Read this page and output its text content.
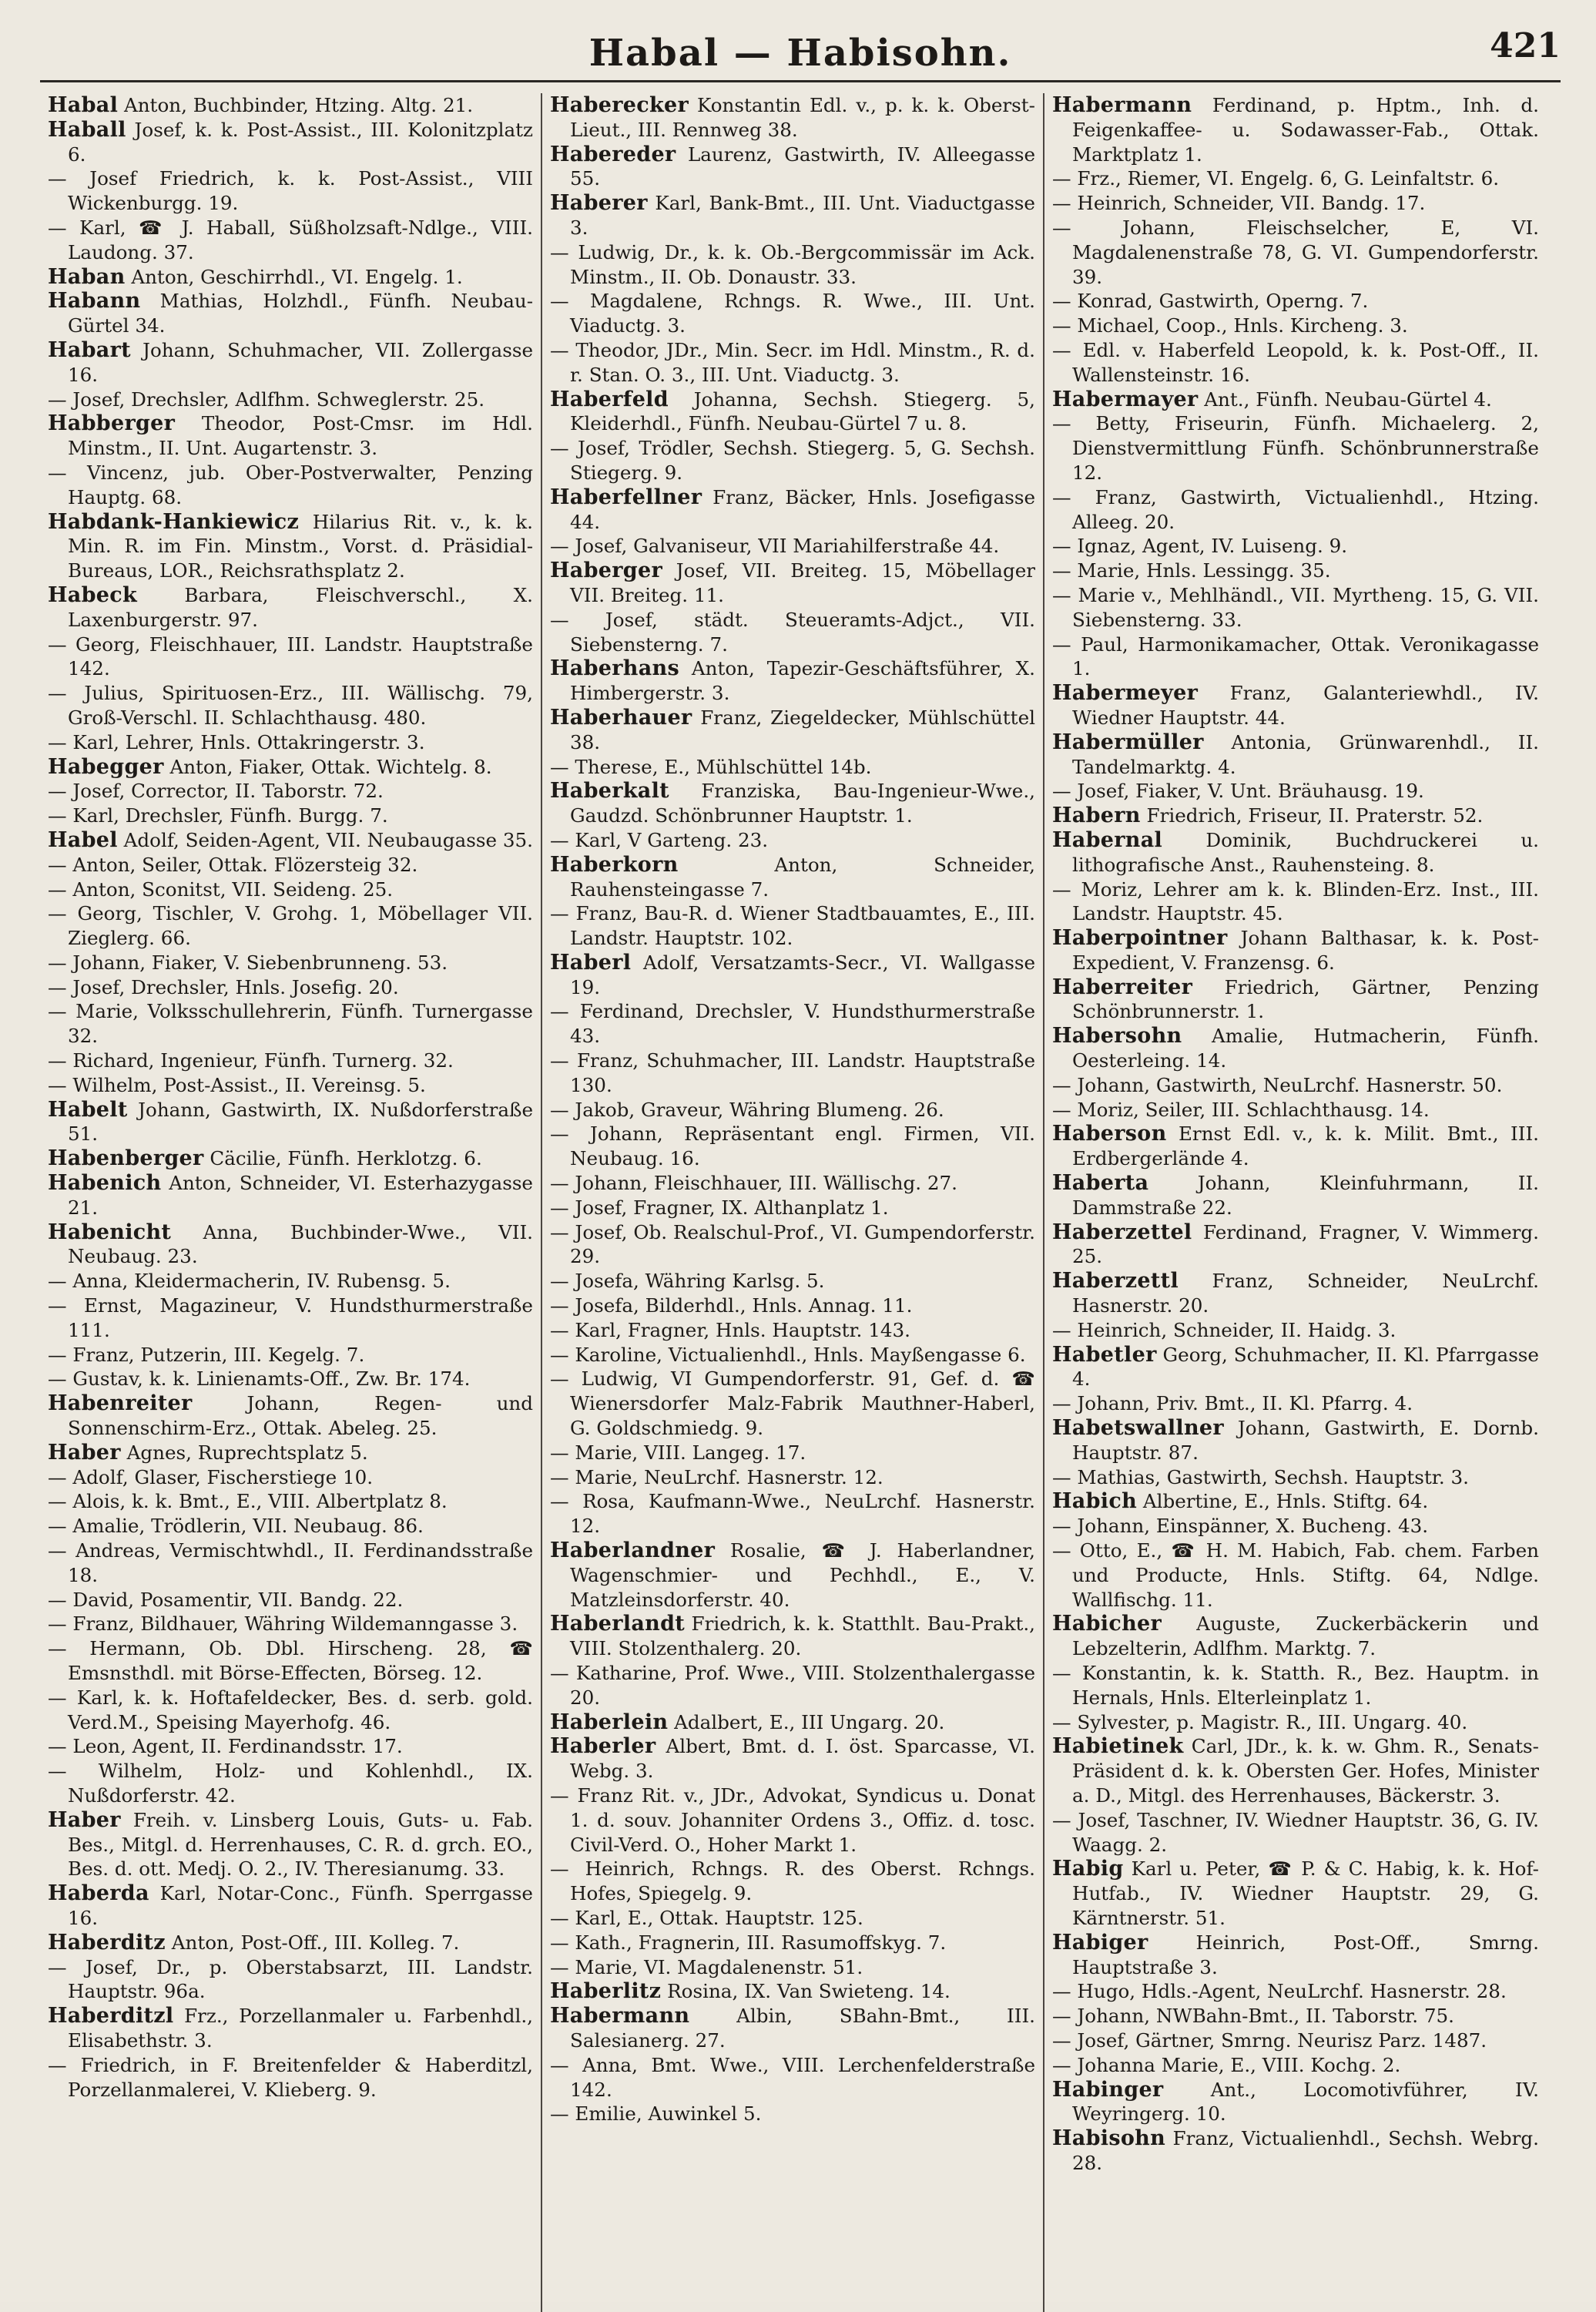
Habal — Habisohn.	421

Habal Anton, Buchbinder, Htzing. Altg. 21.

Haball Josef, k. k. Post-Assist., III. Kolonitzplatz 6.

— Josef Friedrich, k. k. Post-Assist., VIII Wickenburgg. 19.

— Karl, ☎ J. Haball, Süßholzsaft-Ndlge., VIII. Laudong. 37.

Haban Anton, Geschirrhdl., VI. Engelg. 1.

Habann Mathias, Holzhdl., Fünfh. Neubau-Gürtel 34.

Habart Johann, Schuhmacher, VII. Zollergasse 16.

— Josef, Drechsler, Adlfhm. Schweglerstr. 25.

Habberger Theodor, Post-Cmsr. im Hdl. Minstm., II. Unt. Augartenstr. 3.

— Vincenz, jub. Ober-Postverwalter, Penzing Hauptg. 68.

Habdank-Hankiewicz Hilarius Rit. v., k. k. Min. R. im Fin. Minstm., Vorst. d. Präsidial-Bureaus, LOR., Reichsrathsplatz 2.

Habeck Barbara, Fleischverschl., X. Laxenburgerstr. 97.

— Georg, Fleischhauer, III. Landstr. Hauptstraße 142.

— Julius, Spirituosen-Erz., III. Wällischg. 79, Groß-Verschl. II. Schlachthausg. 480.

— Karl, Lehrer, Hnls. Ottakringerstr. 3.

Habegger Anton, Fiaker, Ottak. Wichtelg. 8.

— Josef, Corrector, II. Taborstr. 72.

— Karl, Drechsler, Fünfh. Burgg. 7.

Habel Adolf, Seiden-Agent, VII. Neubaugasse 35.

— Anton, Seiler, Ottak. Flözersteig 32.

— Anton, Sconitst, VII. Seideng. 25.

— Georg, Tischler, V. Grohg. 1, Möbellager VII. Zieglerg. 66.

— Johann, Fiaker, V. Siebenbrunneng. 53.

— Josef, Drechsler, Hnls. Josefig. 20.

— Marie, Volksschullehrerin, Fünfh. Turnergasse 32.

— Richard, Ingenieur, Fünfh. Turnerg. 32.

— Wilhelm, Post-Assist., II. Vereinsg. 5.

Habelt Johann, Gastwirth, IX. Nußdorferstraße 51.

Habenberger Cäcilie, Fünfh. Herklotzg. 6.

Habenich Anton, Schneider, VI. Esterhazygasse 21.

Habenicht Anna, Buchbinder-Wwe., VII. Neubaug. 23.

— Anna, Kleidermacherin, IV. Rubensg. 5.

— Ernst, Magazineur, V. Hundsthurmerstraße 111.

— Franz, Putzerin, III. Kegelg. 7.

— Gustav, k. k. Linienamts-Off., Zw. Br. 174.

Habenreiter Johann, Regen- und Sonnenschirm-Erz., Ottak. Abeleg. 25.

Haber Agnes, Ruprechtsplatz 5.

— Adolf, Glaser, Fischerstiege 10.

— Alois, k. k. Bmt., E., VIII. Albertplatz 8.

— Amalie, Trödlerin, VII. Neubaug. 86.

— Andreas, Vermischtwhdl., II. Ferdinandsstraße 18.

— David, Posamentir, VII. Bandg. 22.

— Franz, Bildhauer, Währing Wildemanngasse 3.

— Hermann, Ob. Dbl. Hirscheng. 28, ☎ Emsnsthdl. mit Börse-Effecten, Börseg. 12.

— Karl, k. k. Hoftafeldecker, Bes. d. serb. gold. Verd.M., Speising Mayerhofg. 46.

— Leon, Agent, II. Ferdinandsstr. 17.

— Wilhelm, Holz- und Kohlenhdl., IX. Nußdorferstr. 42.

Haber Freih. v. Linsberg Louis, Guts- u. Fab. Bes., Mitgl. d. Herrenhauses, C. R. d. grch. EO., Bes. d. ott. Medj. O. 2., IV. Theresianumg. 33.

Haberda Karl, Notar-Conc., Fünfh. Sperrgasse 16.

Haberditz Anton, Post-Off., III. Kolleg. 7.

— Josef, Dr., p. Oberstabsarzt, III. Landstr. Hauptstr. 96a.

Haberditzl Frz., Porzellanmaler u. Farbenhdl., Elisabethstr. 3.

— Friedrich, in F. Breitenfelder & Haberditzl, Porzellanmalerei, V. Klieberg. 9.

Haberecker Konstantin Edl. v., p. k. k. Oberst-Lieut., III. Rennweg 38.

Habereder Laurenz, Gastwirth, IV. Alleegasse 55.

Haberer Karl, Bank-Bmt., III. Unt. Viaductgasse 3.

— Ludwig, Dr., k. k. Ob.-Bergcommissär im Ack. Minstm., II. Ob. Donaustr. 33.

— Magdalene, Rchngs. R. Wwe., III. Unt. Viaductg. 3.

— Theodor, JDr., Min. Secr. im Hdl. Minstm., R. d. r. Stan. O. 3., III. Unt. Viaductg. 3.

Haberfeld Johanna, Sechsh. Stiegerg. 5, Kleiderhdl., Fünfh. Neubau-Gürtel 7 u. 8.

— Josef, Trödler, Sechsh. Stiegerg. 5, G. Sechsh. Stiegerg. 9.

Haberfellner Franz, Bäcker, Hnls. Josefigasse 44.

— Josef, Galvaniseur, VII Mariahilferstraße 44.

Haberger Josef, VII. Breiteg. 15, Möbellager VII. Breiteg. 11.

— Josef, städt. Steueramts-Adjct., VII. Siebensterng. 7.

Haberhans Anton, Tapezir-Geschäftsführer, X. Himbergerstr. 3.

Haberhauer Franz, Ziegeldecker, Mühlschüttel 38.

— Therese, E., Mühlschüttel 14b.

Haberkalt Franziska, Bau-Ingenieur-Wwe., Gaudzd. Schönbrunner Hauptstr. 1.

— Karl, V Garteng. 23.

Haberkorn Anton, Schneider, Rauhensteingasse 7.

— Franz, Bau-R. d. Wiener Stadtbauamtes, E., III. Landstr. Hauptstr. 102.

Haberl Adolf, Versatzamts-Secr., VI. Wallgasse 19.

— Ferdinand, Drechsler, V. Hundsthurmerstraße 43.

— Franz, Schuhmacher, III. Landstr. Hauptstraße 130.

— Jakob, Graveur, Währing Blumeng. 26.

— Johann, Repräsentant engl. Firmen, VII. Neubaug. 16.

— Johann, Fleischhauer, III. Wällischg. 27.

— Josef, Fragner, IX. Althanplatz 1.

— Josef, Ob. Realschul-Prof., VI. Gumpendorferstr. 29.

— Josefa, Währing Karlsg. 5.

— Josefa, Bilderhdl., Hnls. Annag. 11.

— Karl, Fragner, Hnls. Hauptstr. 143.

— Karoline, Victualienhdl., Hnls. Mayßengasse 6.

— Ludwig, VI Gumpendorferstr. 91, Gef. d. ☎ Wienersdorfer Malz-Fabrik Mauthner-Haberl, G. Goldschmiedg. 9.

— Marie, VIII. Langeg. 17.

— Marie, NeuLrchf. Hasnerstr. 12.

— Rosa, Kaufmann-Wwe., NeuLrchf. Hasnerstr. 12.

Haberlandner Rosalie, ☎ J. Haberlandner, Wagenschmier- und Pechhdl., E., V. Matzleinsdorferstr. 40.

Haberlandt Friedrich, k. k. Statthlt. Bau-Prakt., VIII. Stolzenthalerg. 20.

— Katharine, Prof. Wwe., VIII. Stolzenthalergasse 20.

Haberlein Adalbert, E., III Ungarg. 20.

Haberler Albert, Bmt. d. I. öst. Sparcasse, VI. Webg. 3.

— Franz Rit. v., JDr., Advokat, Syndicus u. Donat 1. d. souv. Johanniter Ordens 3., Offiz. d. tosc. Civil-Verd. O., Hoher Markt 1.

— Heinrich, Rchngs. R. des Oberst. Rchngs. Hofes, Spiegelg. 9.

— Karl, E., Ottak. Hauptstr. 125.

— Kath., Fragnerin, III. Rasumoffskyg. 7.

— Marie, VI. Magdalenenstr. 51.

Haberlitz Rosina, IX. Van Swieteng. 14.

Habermann Albin, SBahn-Bmt., III. Salesianerg. 27.

— Anna, Bmt. Wwe., VIII. Lerchenfelderstraße 142.

— Emilie, Auwinkel 5.

Habermann Ferdinand, p. Hptm., Inh. d. Feigenkaffee- u. Sodawasser-Fab., Ottak. Marktplatz 1.

— Frz., Riemer, VI. Engelg. 6, G. Leinfaltstr. 6.

— Heinrich, Schneider, VII. Bandg. 17.

— Johann, Fleischselcher, E, VI. Magdalenenstraße 78, G. VI. Gumpendorferstr. 39.

— Konrad, Gastwirth, Operng. 7.

— Michael, Coop., Hnls. Kircheng. 3.

— Edl. v. Haberfeld Leopold, k. k. Post-Off., II. Wallensteinstr. 16.

Habermayer Ant., Fünfh. Neubau-Gürtel 4.

— Betty, Friseurin, Fünfh. Michaelerg. 2, Dienstvermittlung Fünfh. Schönbrunnerstraße 12.

— Franz, Gastwirth, Victualienhdl., Htzing. Alleeg. 20.

— Ignaz, Agent, IV. Luiseng. 9.

— Marie, Hnls. Lessingg. 35.

— Marie v., Mehlhändl., VII. Myrtheng. 15, G. VII. Siebensterng. 33.

— Paul, Harmonikamacher, Ottak. Veronikagasse 1.

Habermeyer Franz, Galanteriewhdl., IV. Wiedner Hauptstr. 44.

Habermüller Antonia, Grünwarenhdl., II. Tandelmarktg. 4.

— Josef, Fiaker, V. Unt. Bräuhausg. 19.

Habern Friedrich, Friseur, II. Praterstr. 52.

Habernal Dominik, Buchdruckerei u. lithografische Anst., Rauhensteing. 8.

— Moriz, Lehrer am k. k. Blinden-Erz. Inst., III. Landstr. Hauptstr. 45.

Haberpointner Johann Balthasar, k. k. Post-Expedient, V. Franzensg. 6.

Haberreiter Friedrich, Gärtner, Penzing Schönbrunnerstr. 1.

Habersohn Amalie, Hutmacherin, Fünfh. Oesterleing. 14.

— Johann, Gastwirth, NeuLrchf. Hasnerstr. 50.

— Moriz, Seiler, III. Schlachthausg. 14.

Haberson Ernst Edl. v., k. k. Milit. Bmt., III. Erdbergerlände 4.

Haberta Johann, Kleinfuhrmann, II. Dammstraße 22.

Haberzettel Ferdinand, Fragner, V. Wimmerg. 25.

Haberzettl Franz, Schneider, NeuLrchf. Hasnerstr. 20.

— Heinrich, Schneider, II. Haidg. 3.

Habetler Georg, Schuhmacher, II. Kl. Pfarrgasse 4.

— Johann, Priv. Bmt., II. Kl. Pfarrg. 4.

Habetswallner Johann, Gastwirth, E. Dornb. Hauptstr. 87.

— Mathias, Gastwirth, Sechsh. Hauptstr. 3.

Habich Albertine, E., Hnls. Stiftg. 64.

— Johann, Einspänner, X. Bucheng. 43.

— Otto, E., ☎ H. M. Habich, Fab. chem. Farben und Producte, Hnls. Stiftg. 64, Ndlge. Wallfischg. 11.

Habicher Auguste, Zuckerbäckerin und Lebzelterin, Adlfhm. Marktg. 7.

— Konstantin, k. k. Statth. R., Bez. Hauptm. in Hernals, Hnls. Elterleinplatz 1.

— Sylvester, p. Magistr. R., III. Ungarg. 40.

Habietinek Carl, JDr., k. k. w. Ghm. R., Senats-Präsident d. k. k. Obersten Ger. Hofes, Minister a. D., Mitgl. des Herrenhauses, Bäckerstr. 3.

— Josef, Taschner, IV. Wiedner Hauptstr. 36, G. IV. Waagg. 2.

Habig Karl u. Peter, ☎ P. & C. Habig, k. k. Hof-Hutfab., IV. Wiedner Hauptstr. 29, G. Kärntnerstr. 51.

Habiger Heinrich, Post-Off., Smrng. Hauptstraße 3.

— Hugo, Hdls.-Agent, NeuLrchf. Hasnerstr. 28.

— Johann, NWBahn-Bmt., II. Taborstr. 75.

— Josef, Gärtner, Smrng. Neurisz Parz. 1487.

— Johanna Marie, E., VIII. Kochg. 2.

Habinger Ant., Locomotivführer, IV. Weyringerg. 10.

Habisohn Franz, Victualienhdl., Sechsh. Webrg. 28.
